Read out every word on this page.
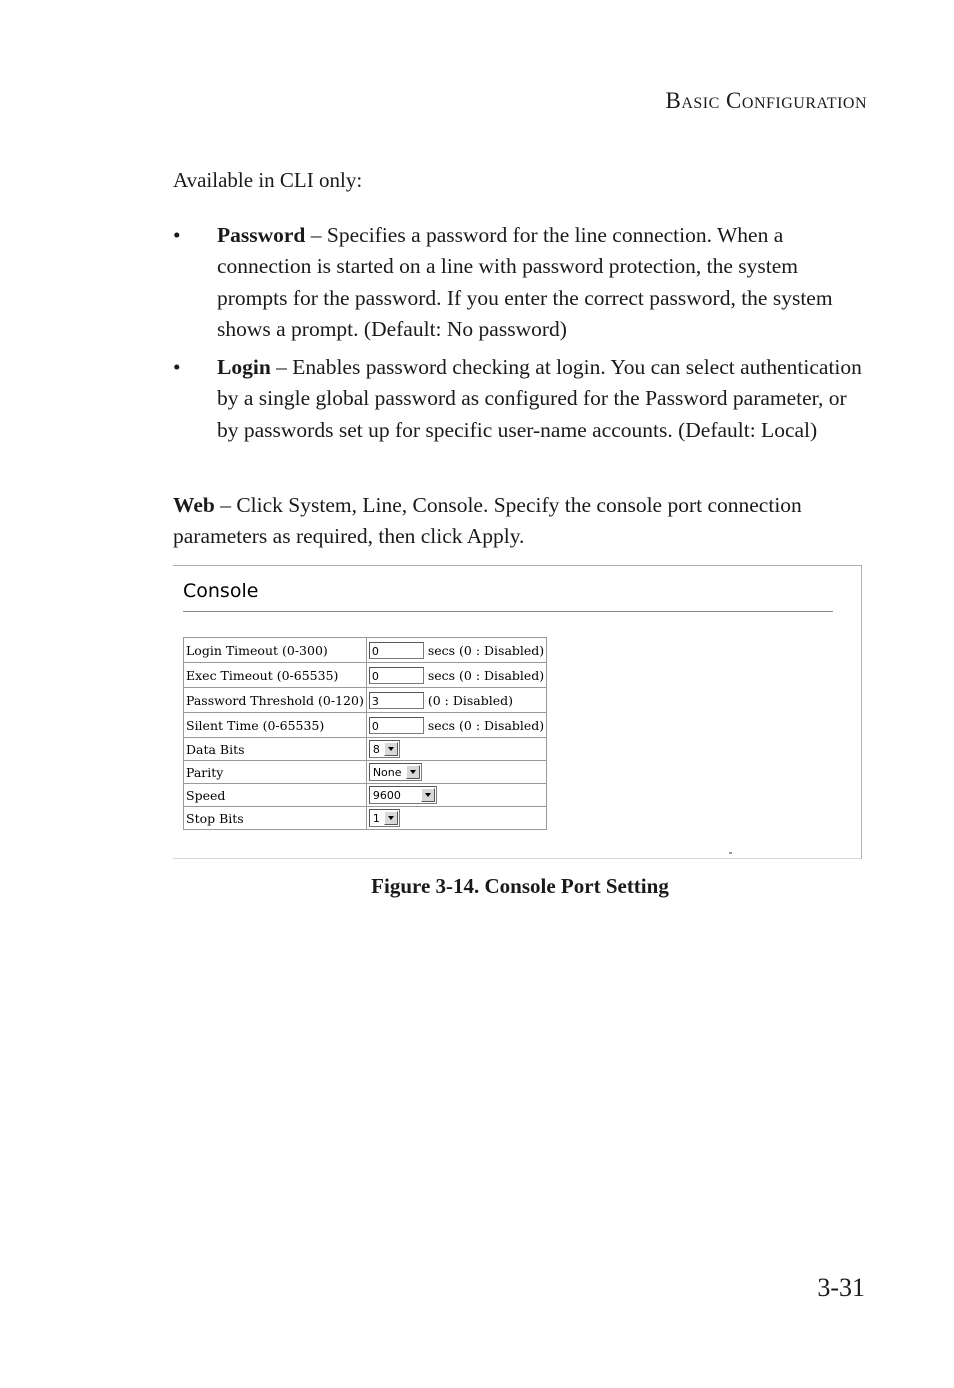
BASIC CONFIGURATION
Available in CLI only:
• Password – Specifies a password for the line connection. When a connection is started on a line with password protection, the system prompts for the password. If you enter the correct password, the system shows a prompt. (Default: No password)
• Login – Enables password checking at login. You can select authentication by a single global password as configured for the Password parameter, or by passwords set up for specific user-name accounts. (Default: Local)

Web – Click System, Line, Console. Specify the console port connection parameters as required, then click Apply.

Console
Login Timeout (0-300)	0 secs (0 : Disabled)
Exec Timeout (0-65535)	0 secs (0 : Disabled)
Password Threshold (0-120)	3 (0 : Disabled)
Silent Time (0-65535)	0 secs (0 : Disabled)
Data Bits	8

Parity	None

Speed	9600

Stop Bits	1
Figure 3-14. Console Port Setting
3-31
